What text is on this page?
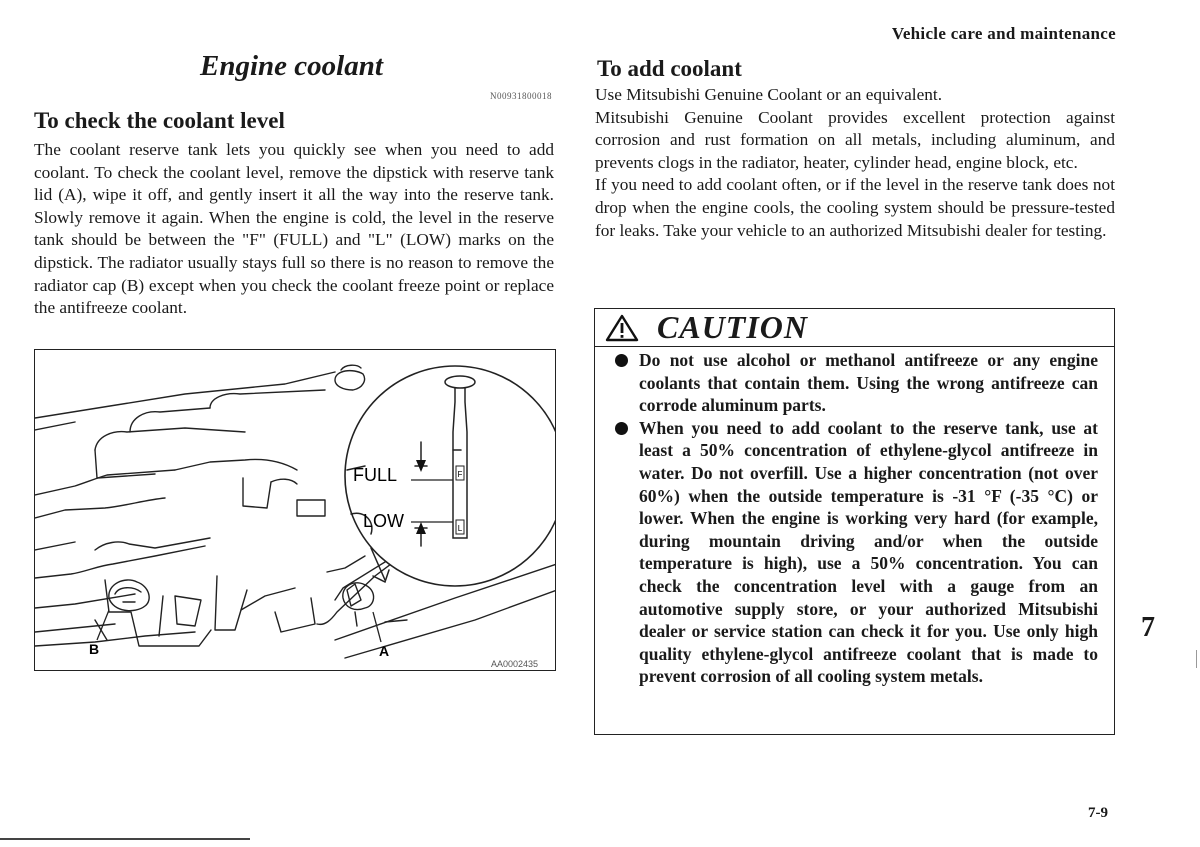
Vehicle care and maintenance
Engine coolant
N00931800018
To check the coolant level

The coolant reserve tank lets you quickly see when you need to add coolant. To check the coolant level, remove the dipstick with reserve tank lid (A), wipe it off, and gently insert it all the way into the reserve tank. Slowly remove it again. When the engine is cold, the level in the reserve tank should be between the "F" (FULL) and "L" (LOW) marks on the dipstick. The radiator usually stays full so there is no reason to remove the radiator cap (B) except when you check the coolant freeze point or replace the antifreeze coolant.

F
L
FULL
LOW
B	A
AA0002435
To add coolant

Use Mitsubishi Genuine Coolant or an equivalent.

Mitsubishi Genuine Coolant provides excellent protection against corrosion and rust formation on all metals, including aluminum, and prevents clogs in the radiator, heater, cylinder head, engine block, etc.

If you need to add coolant often, or if the level in the reserve tank does not drop when the engine cools, the cooling system should be pressure-tested for leaks. Take your vehicle to an authorized Mitsubishi dealer for testing.

CAUTION
Do not use alcohol or methanol antifreeze or any engine coolants that contain them. Using the wrong antifreeze can corrode aluminum parts.
When you need to add coolant to the reserve tank, use at least a 50% concentration of ethylene-glycol antifreeze in water. Do not overfill. Use a higher concentration (not over 60%) when the outside temperature is -31 °F (-35 °C) or lower. When the engine is working very hard (for example, during mountain driving and/or when the outside temperature is high), use a 50% concentration. You can check the concentration level with a gauge from an automotive supply store, or your authorized Mitsubishi dealer or service station can check it for you. Use only high quality ethylene-glycol antifreeze coolant that is made to prevent corrosion of all cooling system metals.
7
7-9
